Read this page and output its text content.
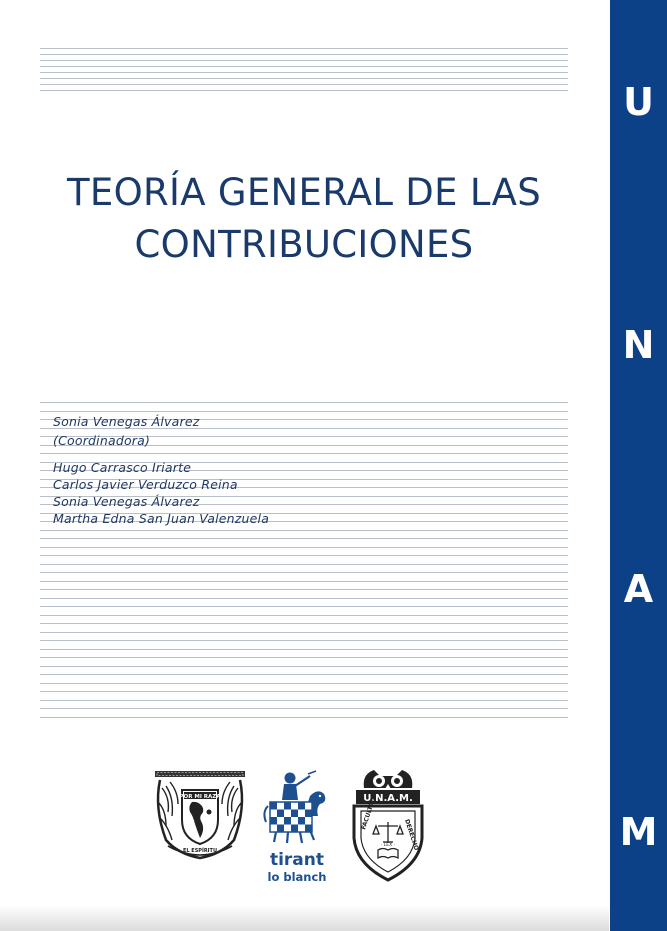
TEORÍA GENERAL DE LAS
CONTRIBUCIONES
Sonia Venegas Álvarez
(Coordinadora)
Hugo Carrasco Iriarte
Carlos Javier Verduzco Reina
Sonia Venegas Álvarez
Martha Edna San Juan Valenzuela
POR MI RAZA
EL ESPÍRITU	tirant
lo blanch
U.N.A.M.
FACULTAD
DERECHO
· LEX ·
U
N
A
M
